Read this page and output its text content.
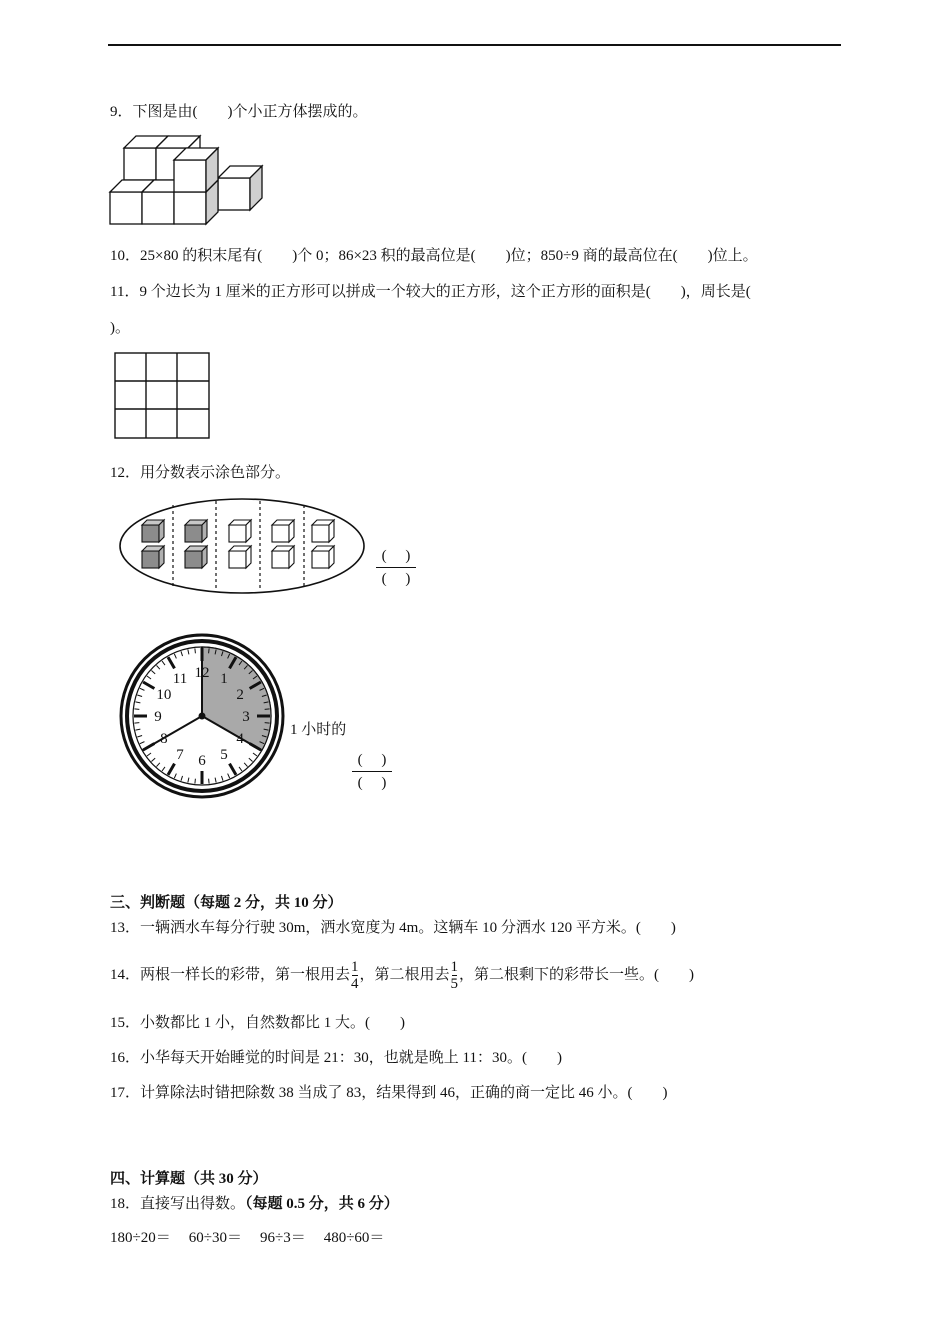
9．下图是由(　　)个小正方体摆成的。
10．25×80 的积末尾有(　　)个 0；86×23 积的最高位是(　　)位；850÷9 商的最高位在(　　)位上。
11．9 个边长为 1 厘米的正方形可以拼成一个较大的正方形，这个正方形的面积是(　　)，周长是(
)。
12．用分数表示涂色部分。
(　 )
(　 )
12 1
2
3
4
5
6
7
8
9
10
11
1 小时的
(　 )
(　 )
三、判断题（每题 2 分，共 10 分）
13．一辆洒水车每分行驶 30m，洒水宽度为 4m。这辆车 10 分洒水 120 平方米。(　　)
14．两根一样长的彩带，第一根用去 $\frac{1}{4}$ ，第二根用去 $\frac{1}{5}$ ，第二根剩下的彩带长一些。(　　)
15．小数都比 1 小，自然数都比 1 大。(　　)
16．小华每天开始睡觉的时间是 21：30，也就是晚上 11：30。(　　)
17．计算除法时错把除数 38 当成了 83，结果得到 46，正确的商一定比 46 小。(　　)
四、计算题（共 30 分）
18．直接写出得数。（每题 0.5 分，共 6 分）
180÷20＝ 60÷30＝ 96÷3＝ 480÷60＝
